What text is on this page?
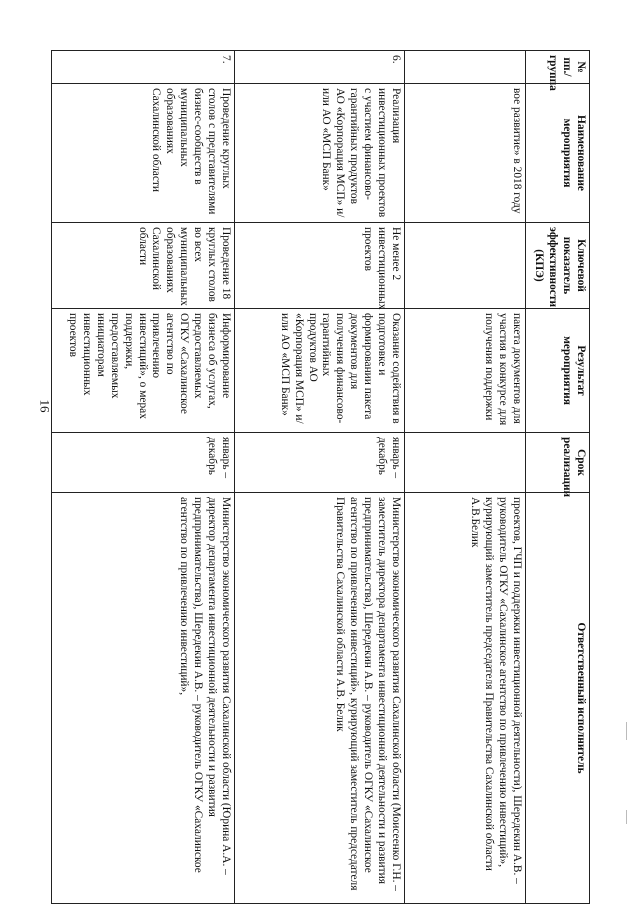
16
№ пп./ группа	Наименование мероприятия	Ключевой показатель эффективности (КПЭ)	Результат мероприятия	Срок реализации	Ответственный исполнитель
	вое развитие» в 2018 году		пакета документов для участия в конкурсе для получения поддержки		проектов, ГЧП и поддержки инвестиционной деятельности), Шередекин А.В. – руководитель ОГКУ «Сахалинское агентство по привлечению инвестиций», курирующий заместитель председателя Правительства Сахалинской области А.В.Белик
6.	Реализация инвестиционных проектов с участием финансово-гарантийных продуктов АО «Корпорация МСП» и/или АО «МСП Банк»	Не менее 2 инвестиционных проектов	Оказание содействия в подготовке и формировании пакета документов для получения финансово-гарантийных продуктов АО «Корпорация МСП» и/или АО «МСП Банк»	январь – декабрь	Министерство экономического развития Сахалинской области (Моисеенко Г.Н. – заместитель директора департамента инвестиционной деятельности и развития предпринимательства), Шередекин А.В. – руководитель ОГКУ «Сахалинское агентство по привлечению инвестиций», курирующий заместитель председателя Правительства Сахалинской области А.В. Белик
7.	Проведение круглых столов с представителями бизнес-сообществ в муниципальных образованиях Сахалинской области	Проведение 18 круглых столов во всех муниципальных образованиях Сахалинской области	Информирование бизнеса об услугах, предоставляемых ОГКУ «Сахалинское агентство по привлечению инвестиций», о мерах поддержки, предоставляемых инициаторам инвестиционных проектов	январь – декабрь	Министерство экономического развития Сахалинской области (Юрина А.А. –директор департамента инвестиционной деятельности и развития предпринимательства), Шередекин А.В. – руководитель ОГКУ «Сахалинское агентство по привлечению инвестиций»,
